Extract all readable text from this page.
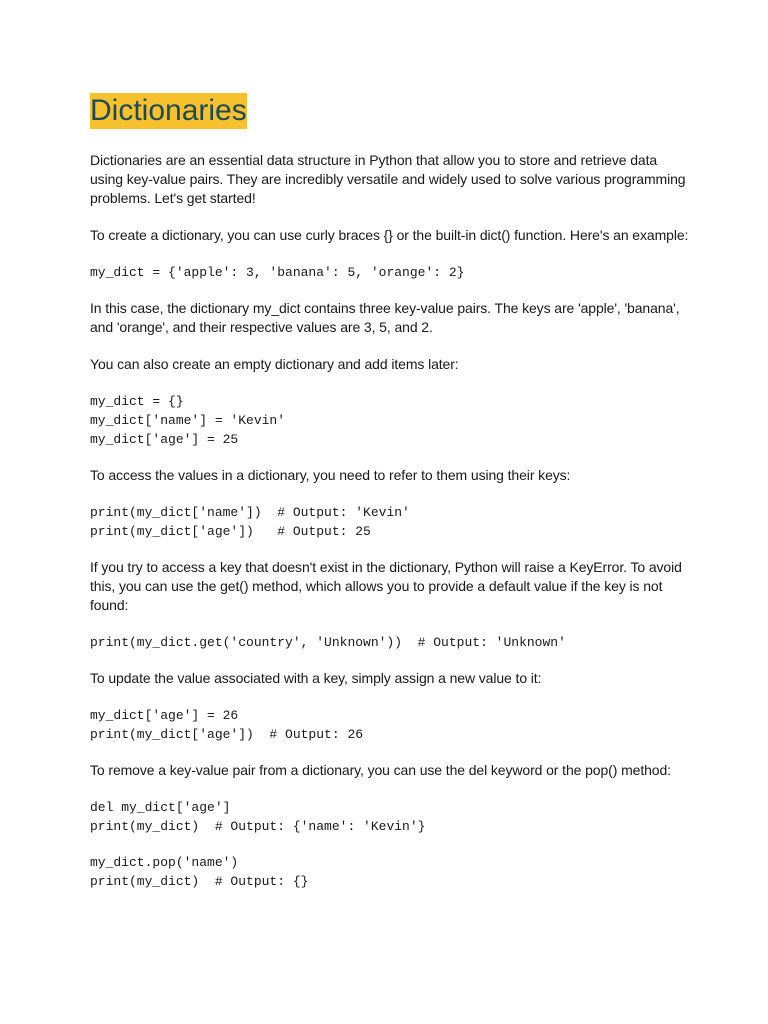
Dictionaries

Dictionaries are an essential data structure in Python that allow you to store and retrieve data using key-value pairs. They are incredibly versatile and widely used to solve various programming problems. Let's get started!

To create a dictionary, you can use curly braces {} or the built-in dict() function. Here's an example:

my_dict = {'apple': 3, 'banana': 5, 'orange': 2}

In this case, the dictionary my_dict contains three key-value pairs. The keys are 'apple', 'banana', and 'orange', and their respective values are 3, 5, and 2.

You can also create an empty dictionary and add items later:

my_dict = {}
my_dict['name'] = 'Kevin'
my_dict['age'] = 25

To access the values in a dictionary, you need to refer to them using their keys:

print(my_dict['name'])  # Output: 'Kevin'
print(my_dict['age'])   # Output: 25

If you try to access a key that doesn't exist in the dictionary, Python will raise a KeyError. To avoid this, you can use the get() method, which allows you to provide a default value if the key is not found:

print(my_dict.get('country', 'Unknown'))  # Output: 'Unknown'

To update the value associated with a key, simply assign a new value to it:

my_dict['age'] = 26
print(my_dict['age'])  # Output: 26

To remove a key-value pair from a dictionary, you can use the del keyword or the pop() method:

del my_dict['age']
print(my_dict)  # Output: {'name': 'Kevin'}
my_dict.pop('name')
print(my_dict)  # Output: {}
